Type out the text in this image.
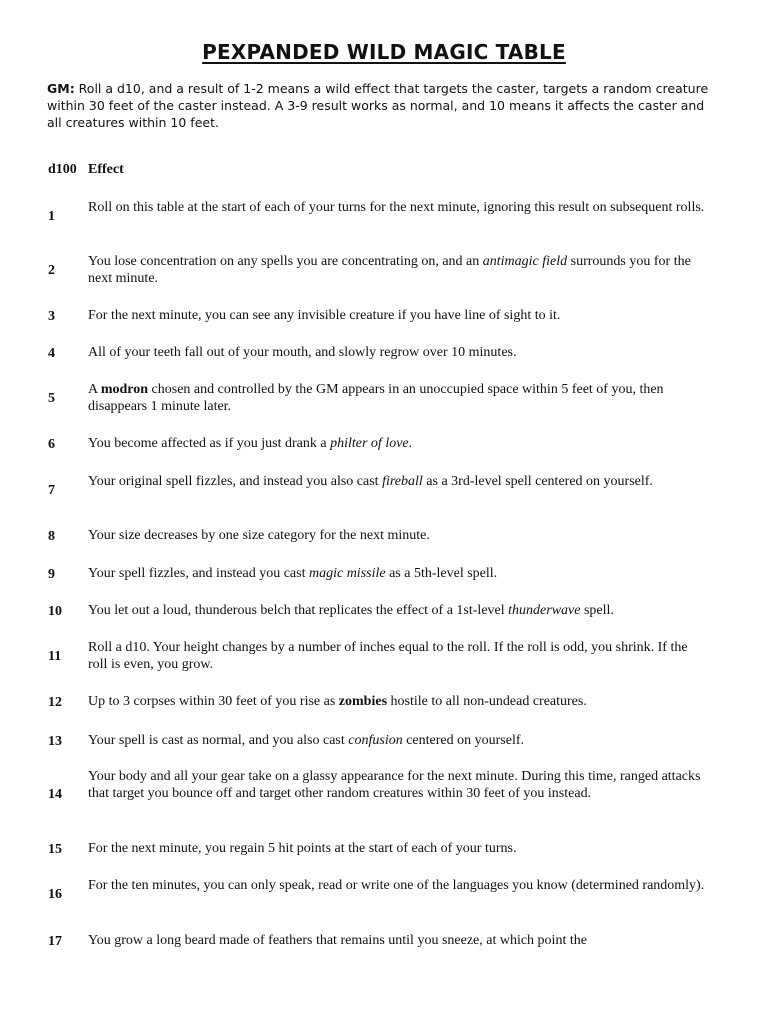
PEXPANDED WILD MAGIC TABLE
GM: Roll a d10, and a result of 1-2 means a wild effect that targets the caster, targets a random creature within 30 feet of the caster instead. A 3-9 result works as normal, and 10 means it affects the caster and all creatures within 10 feet.
d100 Effect
1
Roll on this table at the start of each of your turns for the next minute, ignoring this result on subsequent rolls.
2
You lose concentration on any spells you are concentrating on, and an antimagic field surrounds you for the next minute.
3 For the next minute, you can see any invisible creature if you have line of sight to it.
4 All of your teeth fall out of your mouth, and slowly regrow over 10 minutes.
5
A modron chosen and controlled by the GM appears in an unoccupied space within 5 feet of you, then disappears 1 minute later.
6 You become affected as if you just drank a philter of love.
7
Your original spell fizzles, and instead you also cast fireball as a 3rd-level spell centered on yourself.
8 Your size decreases by one size category for the next minute.
9 Your spell fizzles, and instead you cast magic missile as a 5th-level spell.
10 You let out a loud, thunderous belch that replicates the effect of a 1st-level thunderwave spell.
11
Roll a d10. Your height changes by a number of inches equal to the roll. If the roll is odd, you shrink. If the roll is even, you grow.
12 Up to 3 corpses within 30 feet of you rise as zombies hostile to all non-undead creatures.
13 Your spell is cast as normal, and you also cast confusion centered on yourself.
14
Your body and all your gear take on a glassy appearance for the next minute. During this time, ranged attacks that target you bounce off and target other random creatures within 30 feet of you instead.
15 For the next minute, you regain 5 hit points at the start of each of your turns.
16
For the ten minutes, you can only speak, read or write one of the languages you know (determined randomly).
17 You grow a long beard made of feathers that remains until you sneeze, at which point the
